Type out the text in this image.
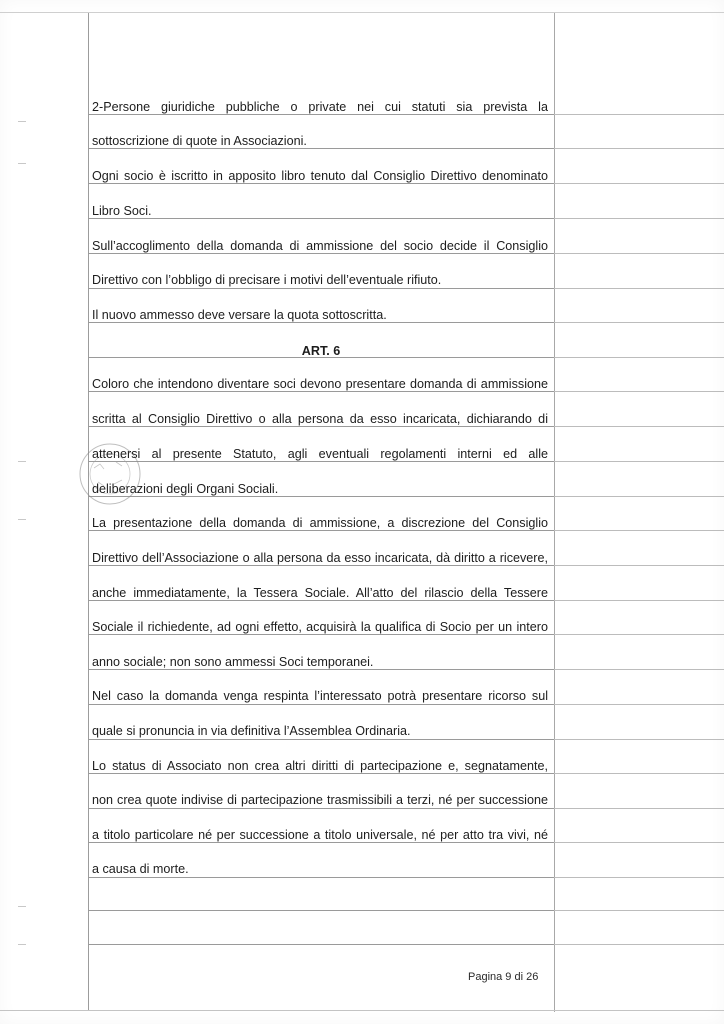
2-Persone giuridiche pubbliche o private nei cui statuti sia prevista la
sottoscrizione di quote in Associazioni.
Ogni socio è iscritto in apposito libro tenuto dal Consiglio Direttivo denominato
Libro Soci.
Sull’accoglimento della domanda di ammissione del socio decide il Consiglio
Direttivo con l’obbligo di precisare i motivi dell’eventuale rifiuto.
Il nuovo ammesso deve versare la quota sottoscritta.
ART. 6
Coloro che intendono diventare soci devono presentare domanda di ammissione
scritta al Consiglio Direttivo o alla persona da esso incaricata, dichiarando di
attenersi al presente Statuto, agli eventuali regolamenti interni ed alle
deliberazioni degli Organi Sociali.
La presentazione della domanda di ammissione, a discrezione del Consiglio
Direttivo dell’Associazione o alla persona da esso incaricata, dà diritto a ricevere,
anche immediatamente, la Tessera Sociale. All’atto del rilascio della Tessere
Sociale il richiedente, ad ogni effetto, acquisirà la qualifica di Socio per un intero
anno sociale; non sono ammessi Soci temporanei.
Nel caso la domanda venga respinta l’interessato potrà presentare ricorso sul
quale si pronuncia in via definitiva l’Assemblea Ordinaria.
Lo status di Associato non crea altri diritti di partecipazione e, segnatamente,
non crea quote indivise di partecipazione trasmissibili a terzi, né per successione
a titolo particolare né per successione a titolo universale, né per atto tra vivi, né
a causa di morte.
Pagina 9 di 26
